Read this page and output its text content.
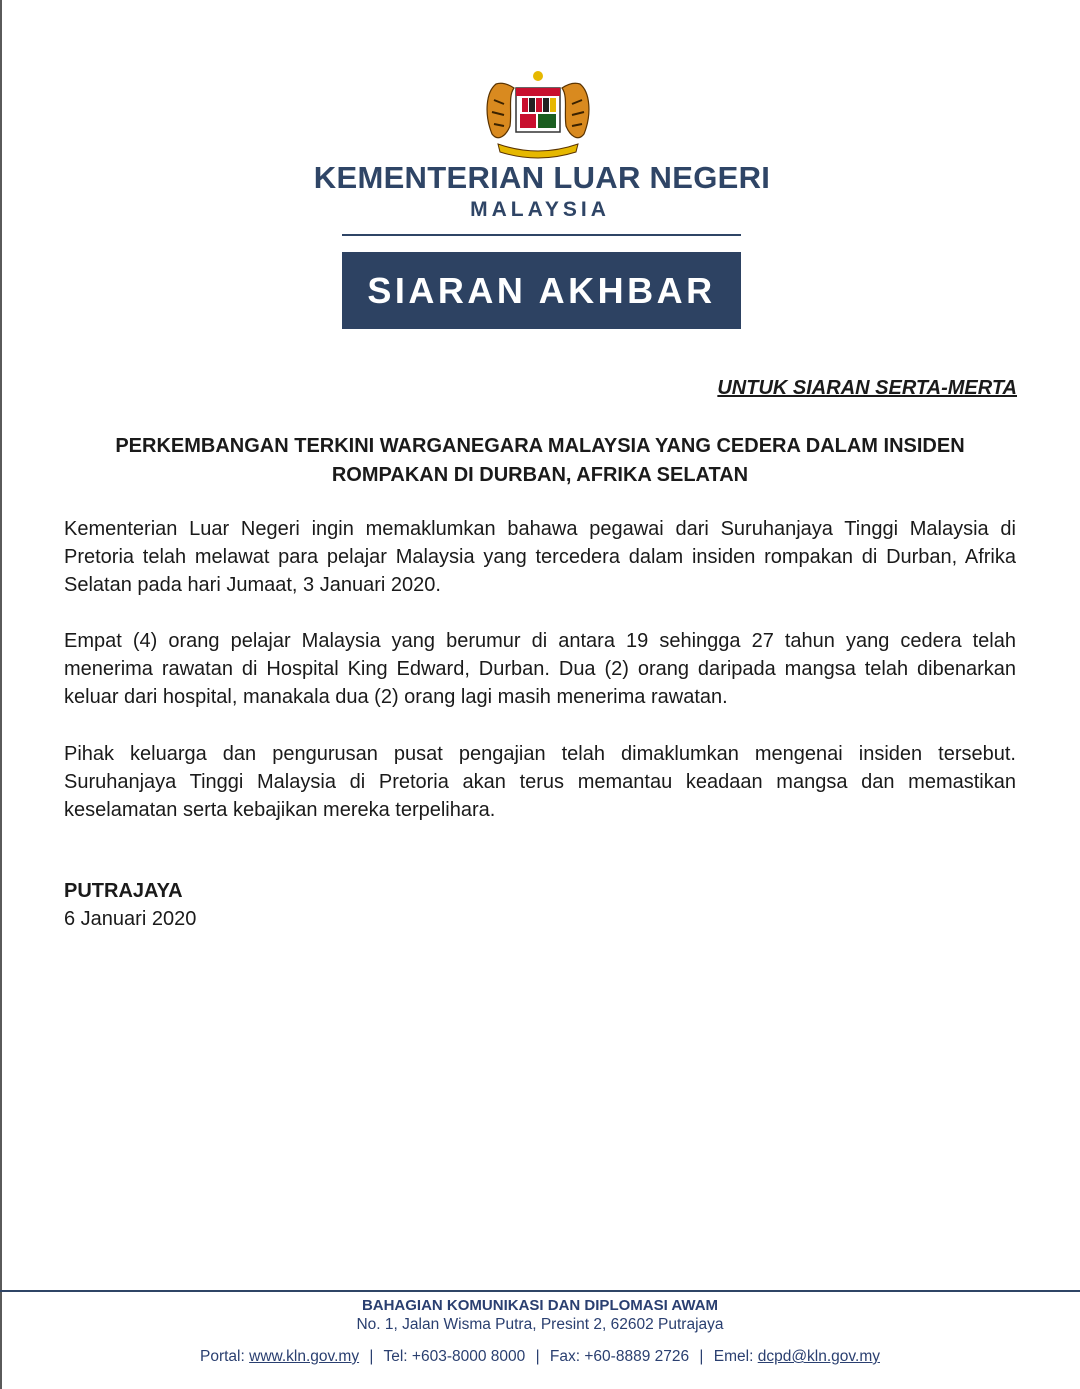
KEMENTERIAN LUAR NEGERI
MALAYSIA
SIARAN AKHBAR
UNTUK SIARAN SERTA-MERTA
PERKEMBANGAN TERKINI WARGANEGARA MALAYSIA YANG CEDERA DALAM INSIDEN
ROMPAKAN DI DURBAN, AFRIKA SELATAN

Kementerian Luar Negeri ingin memaklumkan bahawa pegawai dari Suruhanjaya Tinggi Malaysia di Pretoria telah melawat para pelajar Malaysia yang tercedera dalam insiden rompakan di Durban, Afrika Selatan pada hari Jumaat, 3 Januari 2020.

Empat (4) orang pelajar Malaysia yang berumur di antara 19 sehingga 27 tahun yang cedera telah menerima rawatan di Hospital King Edward, Durban. Dua (2) orang daripada mangsa telah dibenarkan keluar dari hospital, manakala dua (2) orang lagi masih menerima rawatan.

Pihak keluarga dan pengurusan pusat pengajian telah dimaklumkan mengenai insiden tersebut. Suruhanjaya Tinggi Malaysia di Pretoria akan terus memantau keadaan mangsa dan memastikan keselamatan serta kebajikan mereka terpelihara.

PUTRAJAYA
6 Januari 2020
BAHAGIAN KOMUNIKASI DAN DIPLOMASI AWAM
No. 1, Jalan Wisma Putra, Presint 2, 62602 Putrajaya
Portal: www.kln.gov.my | Tel: +603-8000 8000 | Fax: +60-8889 2726 | Emel: dcpd@kln.gov.my
